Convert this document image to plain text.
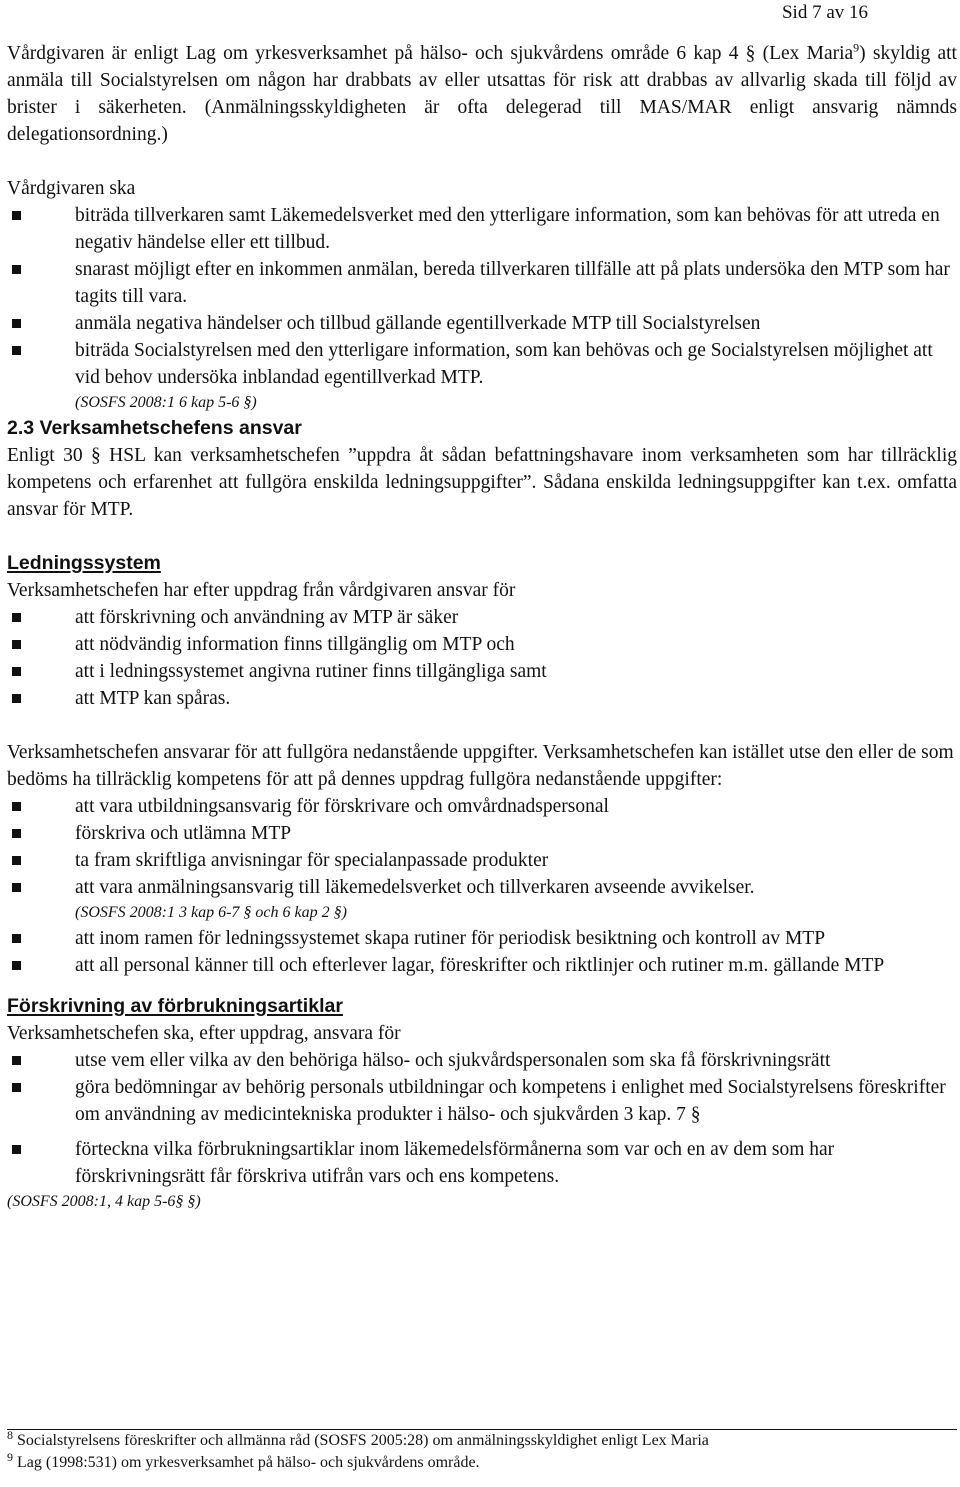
Sid 7 av 16

Vårdgivaren är enligt Lag om yrkesverksamhet på hälso- och sjukvårdens område 6 kap 4 § (Lex Maria$^9$) skyldig att anmäla till Socialstyrelsen om någon har drabbats av eller utsattas för risk att drabbas av allvarlig skada till följd av brister i säkerheten. (Anmälningsskyldigheten är ofta delegerad till MAS/MAR enligt ansvarig nämnds delegationsordning.)

Vårdgivaren ska

biträda tillverkaren samt Läkemedelsverket med den ytterligare information, som kan behövas för att utreda en negativ händelse eller ett tillbud.
snarast möjligt efter en inkommen anmälan, bereda tillverkaren tillfälle att på plats undersöka den MTP som har tagits till vara.
anmäla negativa händelser och tillbud gällande egentillverkade MTP till Socialstyrelsen
biträda Socialstyrelsen med den ytterligare information, som kan behövas och ge Socialstyrelsen möjlighet att vid behov undersöka inblandad egentillverkad MTP.
(SOSFS 2008:1 6 kap 5-6 §)
2.3 Verksamhetschefens ansvar

Enligt 30 § HSL kan verksamhetschefen ”uppdra åt sådan befattningshavare inom verksamheten som har tillräcklig kompetens och erfarenhet att fullgöra enskilda ledningsuppgifter”. Sådana enskilda ledningsuppgifter kan t.ex. omfatta ansvar för MTP.

Ledningssystem

Verksamhetschefen har efter uppdrag från vårdgivaren ansvar för

att förskrivning och användning av MTP är säker
att nödvändig information finns tillgänglig om MTP och
att i ledningssystemet angivna rutiner finns tillgängliga samt
att MTP kan spåras.

Verksamhetschefen ansvarar för att fullgöra nedanstående uppgifter. Verksamhetschefen kan istället utse den eller de som bedöms ha tillräcklig kompetens för att på dennes uppdrag fullgöra nedanstående uppgifter:

att vara utbildningsansvarig för förskrivare och omvårdnadspersonal
förskriva och utlämna MTP
ta fram skriftliga anvisningar för specialanpassade produkter
att vara anmälningsansvarig till läkemedelsverket och tillverkaren avseende avvikelser.
(SOSFS 2008:1 3 kap 6-7 § och 6 kap 2 §)
att inom ramen för ledningssystemet skapa rutiner för periodisk besiktning och kontroll av MTP
att all personal känner till och efterlever lagar, föreskrifter och riktlinjer och rutiner m.m. gällande MTP
Förskrivning av förbrukningsartiklar

Verksamhetschefen ska, efter uppdrag, ansvara för

utse vem eller vilka av den behöriga hälso- och sjukvårdspersonalen som ska få förskrivningsrätt
göra bedömningar av behörig personals utbildningar och kompetens i enlighet med Socialstyrelsens föreskrifter om användning av medicintekniska produkter i hälso- och sjukvården 3 kap. 7 §
förteckna vilka förbrukningsartiklar inom läkemedelsförmånerna som var och en av dem som har förskrivningsrätt får förskriva utifrån vars och ens kompetens.
(SOSFS 2008:1, 4 kap 5-6§ §)
$^8$ Socialstyrelsens föreskrifter och allmänna råd (SOSFS 2005:28) om anmälningsskyldighet enligt Lex Maria
$^9$ Lag (1998:531) om yrkesverksamhet på hälso- och sjukvårdens område.
